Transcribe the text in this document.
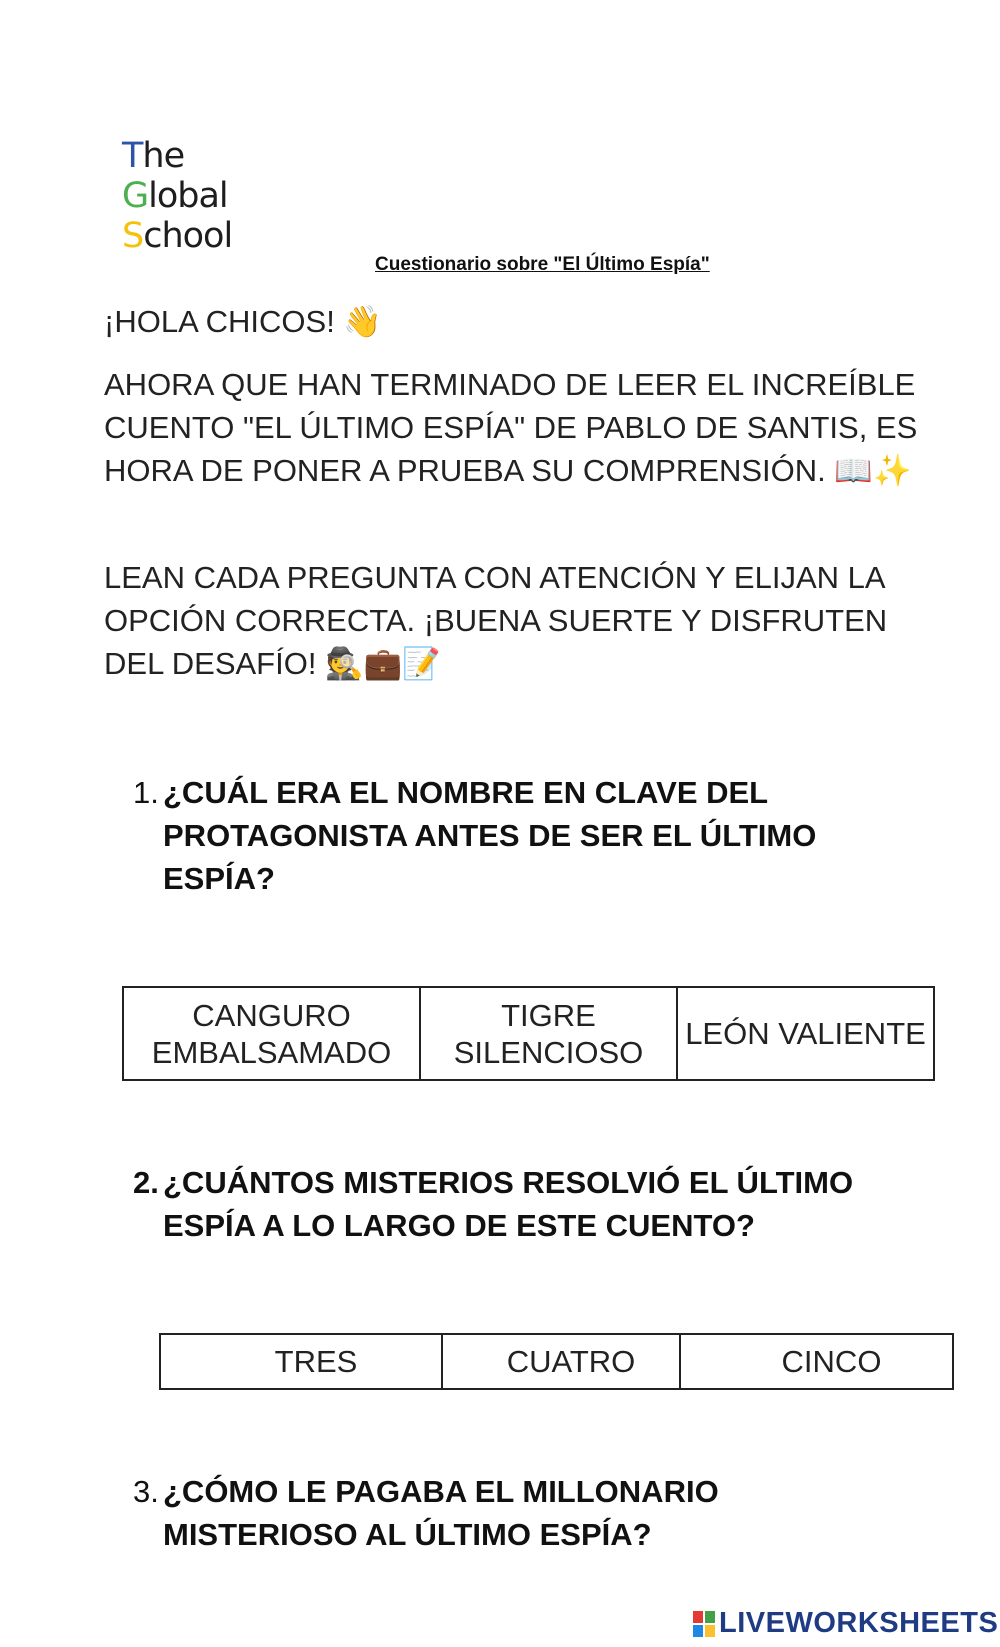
The
Global
School
Cuestionario sobre "El Último Espía"

¡HOLA CHICOS! 👋

AHORA QUE HAN TERMINADO DE LEER EL INCREÍBLE CUENTO "EL ÚLTIMO ESPÍA" DE PABLO DE SANTIS, ES HORA DE PONER A PRUEBA SU COMPRENSIÓN. 📖✨

LEAN CADA PREGUNTA CON ATENCIÓN Y ELIJAN LA OPCIÓN CORRECTA. ¡BUENA SUERTE Y DISFRUTEN DEL DESAFÍO! 🕵️💼📝

1. ¿CUÁL ERA EL NOMBRE EN CLAVE DEL PROTAGONISTA ANTES DE SER EL ÚLTIMO ESPÍA?
CANGURO EMBALSAMADO	TIGRE SILENCIOSO	LEÓN VALIENTE
2. ¿CUÁNTOS MISTERIOS RESOLVIÓ EL ÚLTIMO ESPÍA A LO LARGO DE ESTE CUENTO?
TRES	CUATRO	CINCO
3. ¿CÓMO LE PAGABA EL MILLONARIO MISTERIOSO AL ÚLTIMO ESPÍA?
LIVEWORKSHEETS
